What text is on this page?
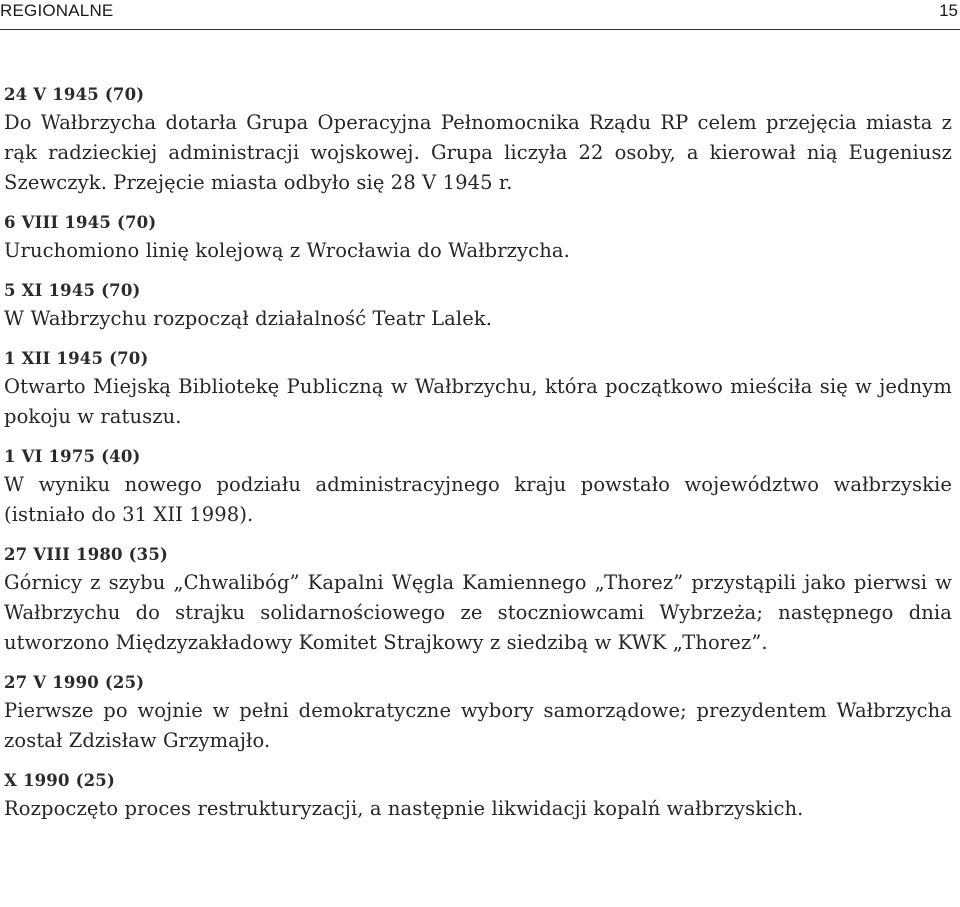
REGIONALNE	15
24 V 1945 (70)
Do Wałbrzycha dotarła Grupa Operacyjna Pełnomocnika Rządu RP celem przejęcia miasta z rąk radzieckiej administracji wojskowej. Grupa liczyła 22 osoby, a kierował nią Eugeniusz Szewczyk. Przejęcie miasta odbyło się 28 V 1945 r.
6 VIII 1945 (70)
Uruchomiono linię kolejową z Wrocławia do Wałbrzycha.
5 XI 1945 (70)
W Wałbrzychu rozpoczął działalność Teatr Lalek.
1 XII 1945 (70)
Otwarto Miejską Bibliotekę Publiczną w Wałbrzychu, która początkowo mieściła się w jednym pokoju w ratuszu.
1 VI 1975 (40)
W wyniku nowego podziału administracyjnego kraju powstało województwo wałbrzyskie (istniało do 31 XII 1998).
27 VIII 1980 (35)
Górnicy z szybu „Chwalibóg” Kapalni Węgla Kamiennego „Thorez” przystąpili jako pierwsi w Wałbrzychu do strajku solidarnościowego ze stoczniowcami Wybrzeża; następnego dnia utworzono Międzyzakładowy Komitet Strajkowy z siedzibą w KWK „Thorez”.
27 V 1990 (25)
Pierwsze po wojnie w pełni demokratyczne wybory samorządowe; prezydentem Wałbrzycha został Zdzisław Grzymajło.
X 1990 (25)
Rozpoczęto proces restrukturyzacji, a następnie likwidacji kopalń wałbrzyskich.
